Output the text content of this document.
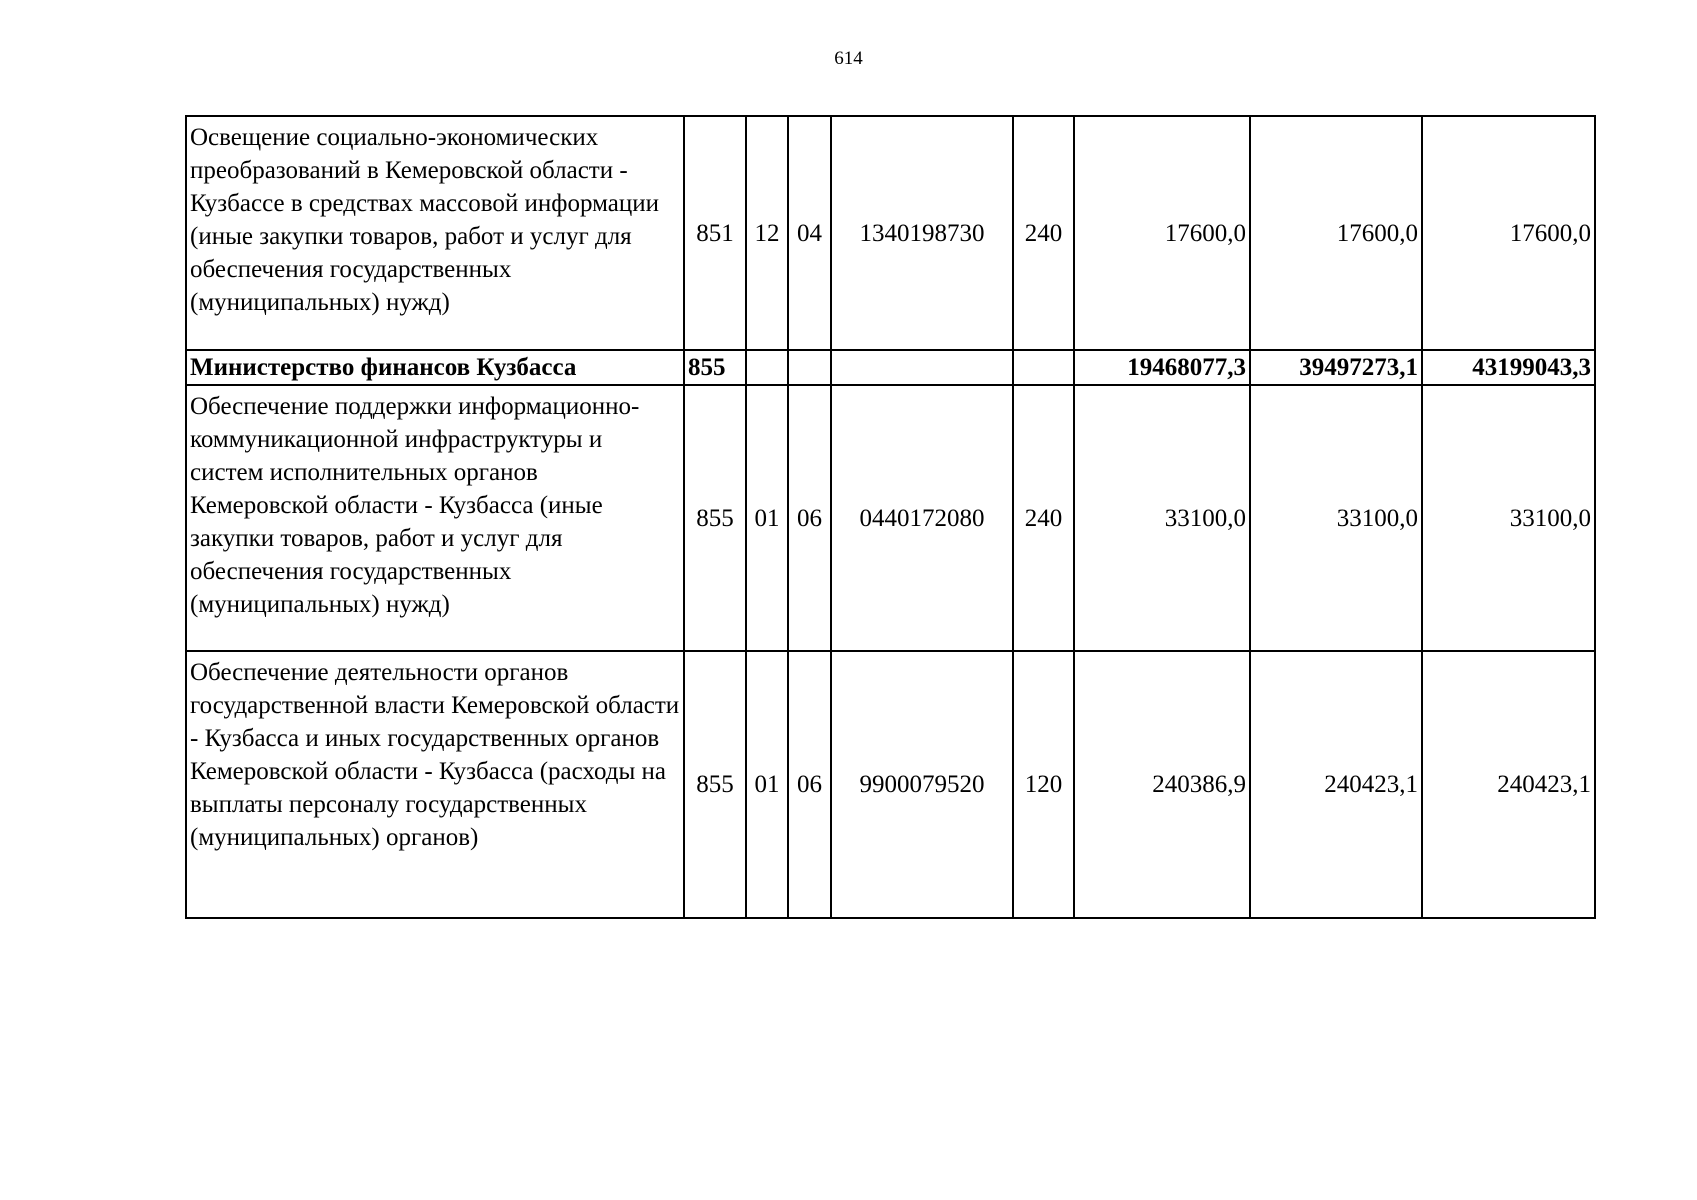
614
Освещение социально-экономических преобразований в Кемеровской области - Кузбассе в средствах массовой информации (иные закупки товаров, работ и услуг для обеспечения государственных (муниципальных) нужд)	851	12	04	1340198730	240	17600,0	17600,0	17600,0
Министерство финансов Кузбасса	855					19468077,3	39497273,1	43199043,3
Обеспечение поддержки информационно-коммуникационной инфраструктуры и систем исполнительных органов Кемеровской области - Кузбасса (иные закупки товаров, работ и услуг для обеспечения государственных (муниципальных) нужд)	855	01	06	0440172080	240	33100,0	33100,0	33100,0
Обеспечение деятельности органов государственной власти Кемеровской области - Кузбасса и иных государственных органов Кемеровской области - Кузбасса (расходы на выплаты персоналу государственных (муниципальных) органов)	855	01	06	9900079520	120	240386,9	240423,1	240423,1
